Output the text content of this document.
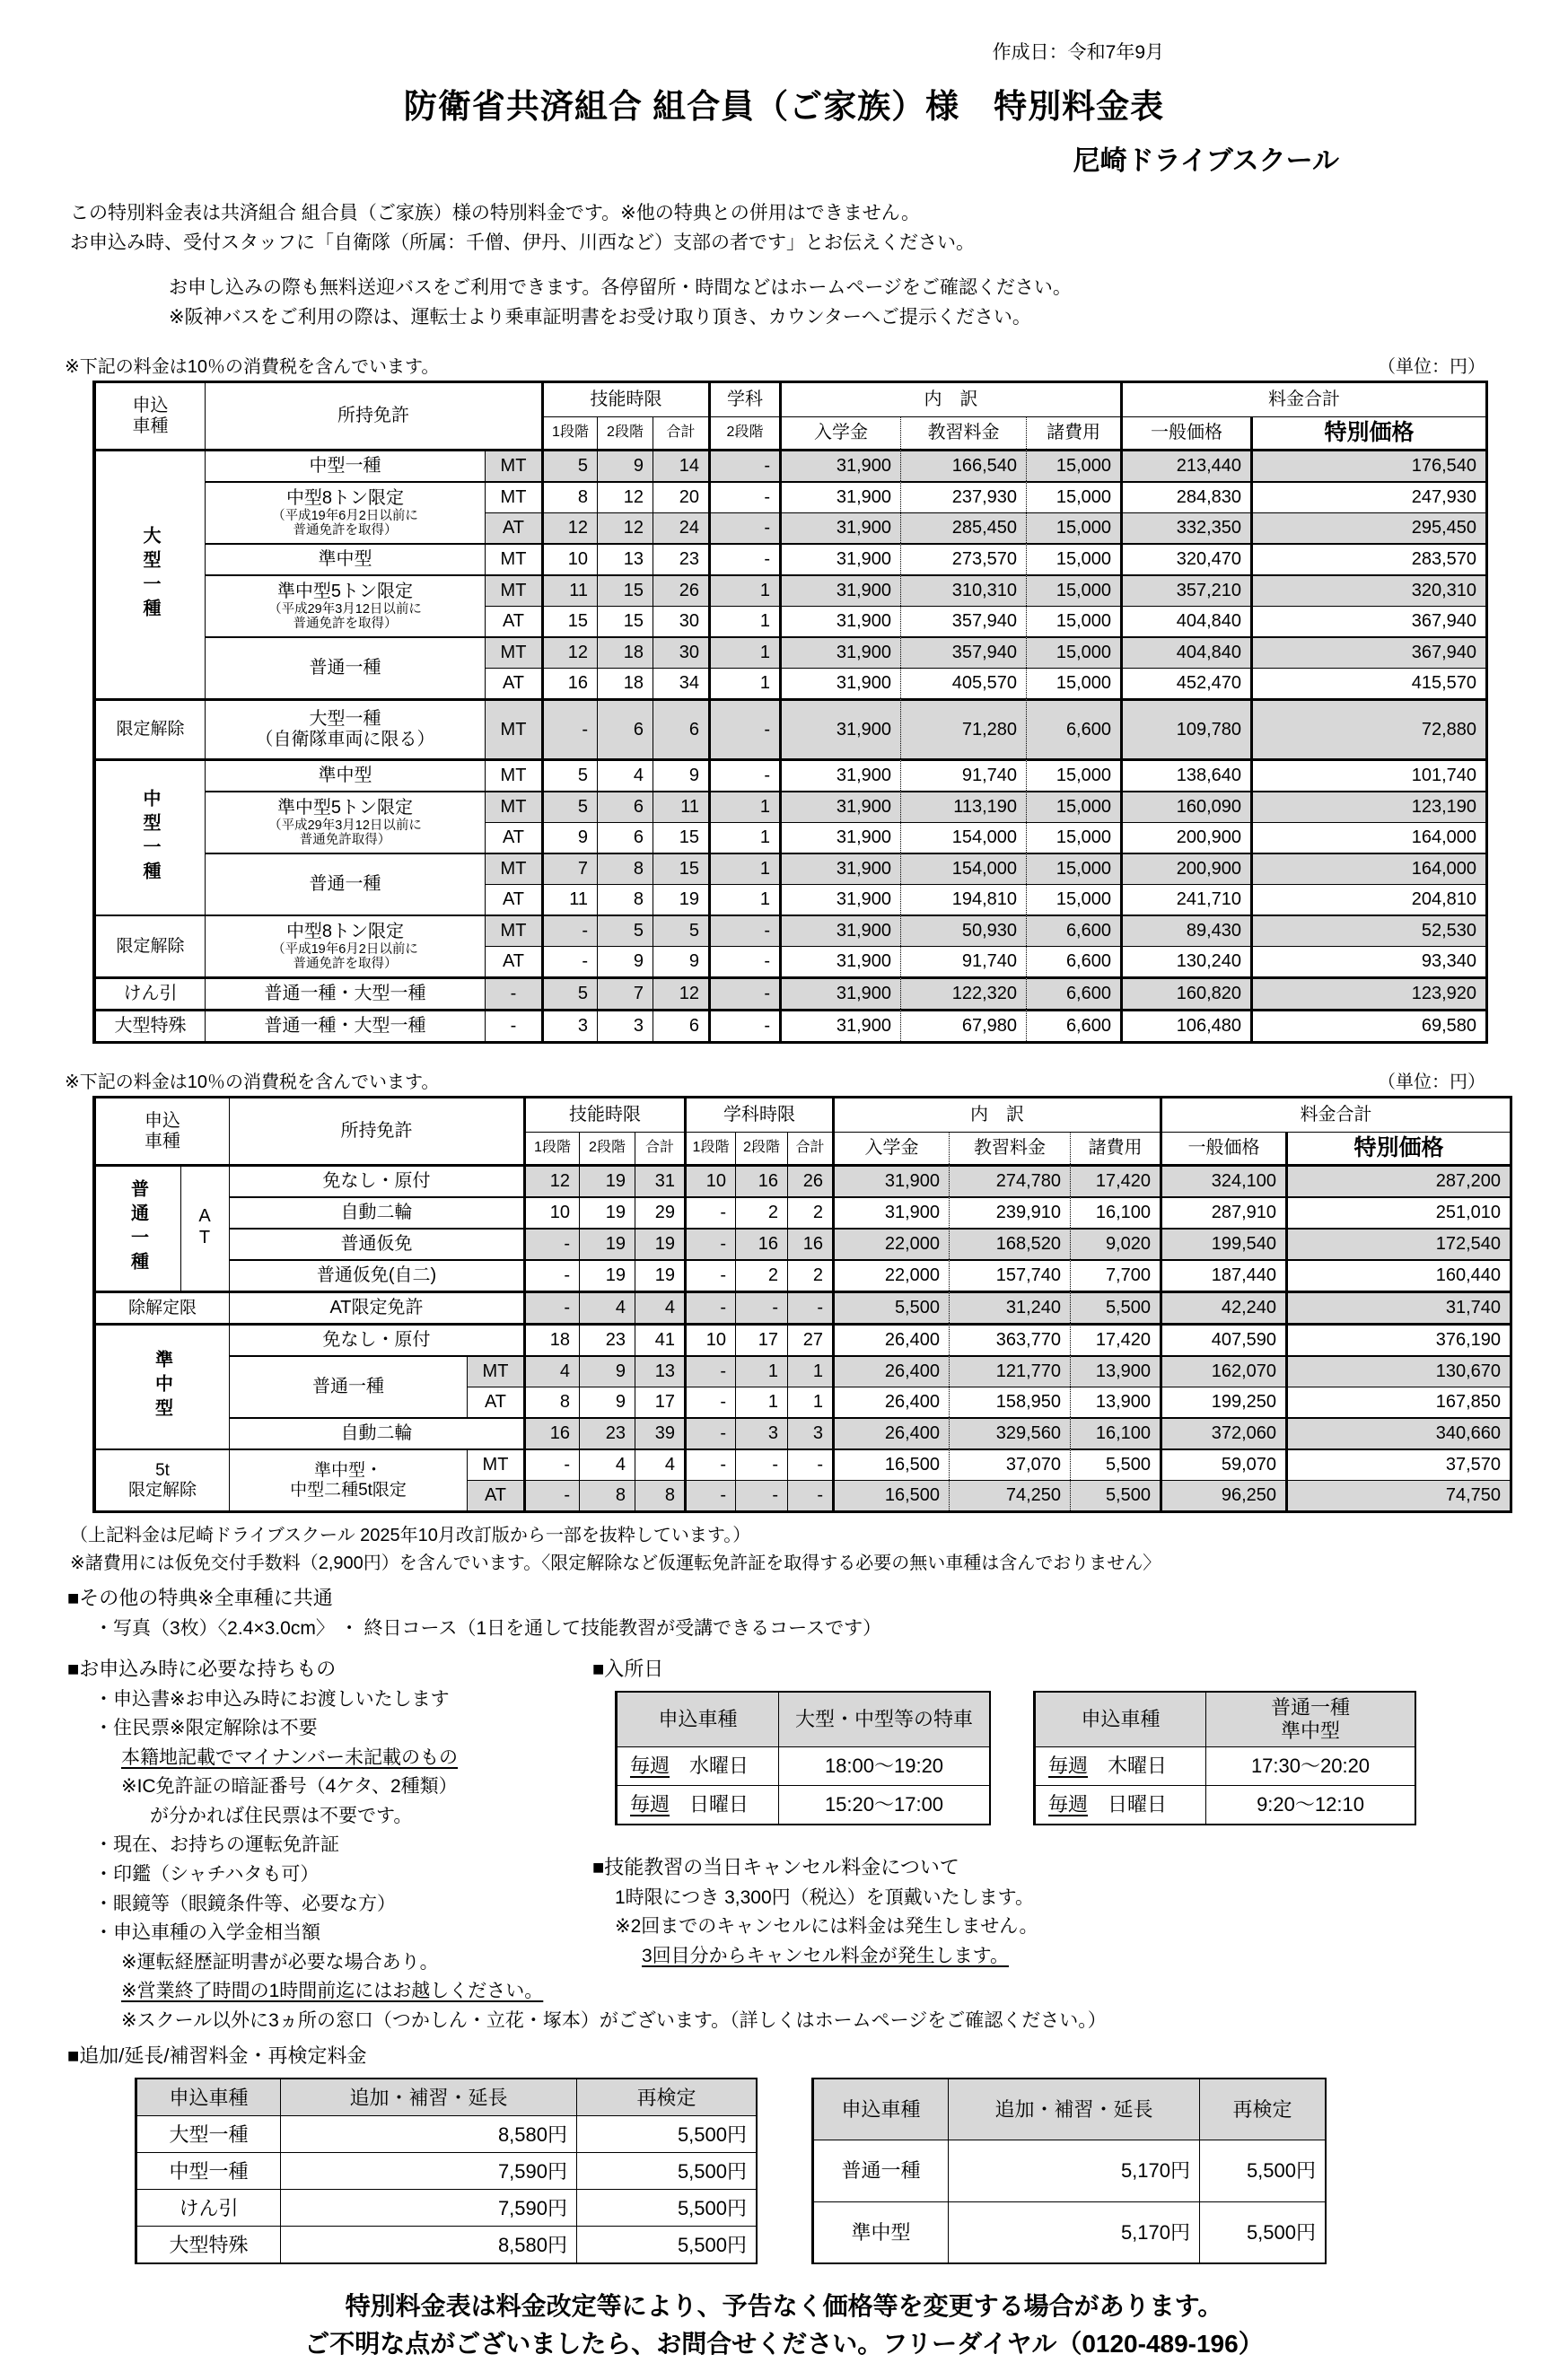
作成日：令和7年9月
防衛省共済組合 組合員（ご家族）様　特別料金表
尼崎ドライブスクール
この特別料金表は共済組合 組合員（ご家族）様の特別料金です。※他の特典との併用はできません。
お申込み時、受付スタッフに「自衛隊（所属：千僧、伊丹、川西など）支部の者です」とお伝えください。
お申し込みの際も無料送迎バスをご利用できます。各停留所・時間などはホームページをご確認ください。
※阪神バスをご利用の際は、運転士より乗車証明書をお受け取り頂き、カウンターへご提示ください。
※下記の料金は10％の消費税を含んでいます。	（単位：円）
申込
車種	所持免許		技能時限			学科	内　訳			料金合計	
			1段階	2段階	合計	2段階	入学金	教習料金	諸費用	一般価格	特別価格
大型一種	中型一種	MT	5	9	14	-	31,900	166,540	15,000	213,440	176,540
	中型8トン限定
（平成19年6月2日以前に
普通免許を取得）	MT	8	12	20	-	31,900	237,930	15,000	284,830	247,930
		AT	12	12	24	-	31,900	285,450	15,000	332,350	295,450
	準中型	MT	10	13	23	-	31,900	273,570	15,000	320,470	283,570
	準中型5トン限定
（平成29年3月12日以前に
普通免許を取得）	MT	11	15	26	1	31,900	310,310	15,000	357,210	320,310
		AT	15	15	30	1	31,900	357,940	15,000	404,840	367,940
	普通一種	MT	12	18	30	1	31,900	357,940	15,000	404,840	367,940
		AT	16	18	34	1	31,900	405,570	15,000	452,470	415,570
限定解除	大型一種
（自衛隊車両に限る）	MT	-	6	6	-	31,900	71,280	6,600	109,780	72,880
中型一種	準中型	MT	5	4	9	-	31,900	91,740	15,000	138,640	101,740
	準中型5トン限定
（平成29年3月12日以前に
普通免許取得）	MT	5	6	11	1	31,900	113,190	15,000	160,090	123,190
		AT	9	6	15	1	31,900	154,000	15,000	200,900	164,000
	普通一種	MT	7	8	15	1	31,900	154,000	15,000	200,900	164,000
		AT	11	8	19	1	31,900	194,810	15,000	241,710	204,810
限定解除	中型8トン限定
（平成19年6月2日以前に
普通免許を取得）	MT	-	5	5	-	31,900	50,930	6,600	89,430	52,530
		AT	-	9	9	-	31,900	91,740	6,600	130,240	93,340
けん引	普通一種・大型一種	-	5	7	12	-	31,900	122,320	6,600	160,820	123,920
大型特殊	普通一種・大型一種	-	3	3	6	-	31,900	67,980	6,600	106,480	69,580
※下記の料金は10％の消費税を含んでいます。	（単位：円）
申込
車種		所持免許		技能時限			学科時限			内　訳			料金合計	
				1段階	2段階	合計	1段階	2段階	合計	入学金	教習料金	諸費用	一般価格	特別価格
普通一種	AT	免なし・原付		12	19	31	10	16	26	31,900	274,780	17,420	324,100	287,200
		自動二輪		10	19	29	-	2	2	31,900	239,910	16,100	287,910	251,010
		普通仮免		-	19	19	-	16	16	22,000	168,520	9,020	199,540	172,540
		普通仮免(自二)		-	19	19	-	2	2	22,000	157,740	7,700	187,440	160,440
除解定限		AT限定免許		-	4	4	-	-	-	5,500	31,240	5,500	42,240	31,740
準中型		免なし・原付		18	23	41	10	17	27	26,400	363,770	17,420	407,590	376,190
		普通一種	MT	4	9	13	-	1	1	26,400	121,770	13,900	162,070	130,670
			AT	8	9	17	-	1	1	26,400	158,950	13,900	199,250	167,850
		自動二輪		16	23	39	-	3	3	26,400	329,560	16,100	372,060	340,660
5t
限定解除		準中型・
中型二種5t限定	MT	-	4	4	-	-	-	16,500	37,070	5,500	59,070	37,570
			AT	-	8	8	-	-	-	16,500	74,250	5,500	96,250	74,750
（上記料金は尼崎ドライブスクール 2025年10月改訂版から一部を抜粋しています。）
※諸費用には仮免交付手数料（2,900円）を含んでいます。〈限定解除など仮運転免許証を取得する必要の無い車種は含んでおりません〉
■その他の特典※全車種に共通
・写真（3枚）〈2.4×3.0cm〉 ・ 終日コース（1日を通して技能教習が受講できるコースです）
■お申込み時に必要な持ちもの
・申込書※お申込み時にお渡しいたします
・住民票※限定解除は不要
本籍地記載でマイナンバー未記載のもの
※IC免許証の暗証番号（4ケタ、2種類）
が分かれば住民票は不要です。
・現在、お持ちの運転免許証
・印鑑（シャチハタも可）
・眼鏡等（眼鏡条件等、必要な方）
・申込車種の入学金相当額
※運転経歴証明書が必要な場合あり。
※営業終了時間の1時間前迄にはお越しください。
※スクール以外に3ヵ所の窓口（つかしん・立花・塚本）がございます。（詳しくはホームページをご確認ください。）
■入所日
申込車種	大型・中型等の特車
毎週　水曜日	18:00～19:20
毎週　日曜日	15:20～17:00
申込車種	普通一種
準中型
毎週　木曜日	17:30～20:20
毎週　日曜日	9:20～12:10
■技能教習の当日キャンセル料金について
1時限につき 3,300円（税込）を頂戴いたします。
※2回までのキャンセルには料金は発生しません。
3回目分からキャンセル料金が発生します。
■追加/延長/補習料金・再検定料金
申込車種	追加・補習・延長	再検定
大型一種	8,580円	5,500円
中型一種	7,590円	5,500円
けん引	7,590円	5,500円
大型特殊	8,580円	5,500円
申込車種	追加・補習・延長	再検定
普通一種	5,170円	5,500円
準中型	5,170円	5,500円
特別料金表は料金改定等により、予告なく価格等を変更する場合があります。
ご不明な点がございましたら、お問合せください。フリーダイヤル（0120-489-196）
